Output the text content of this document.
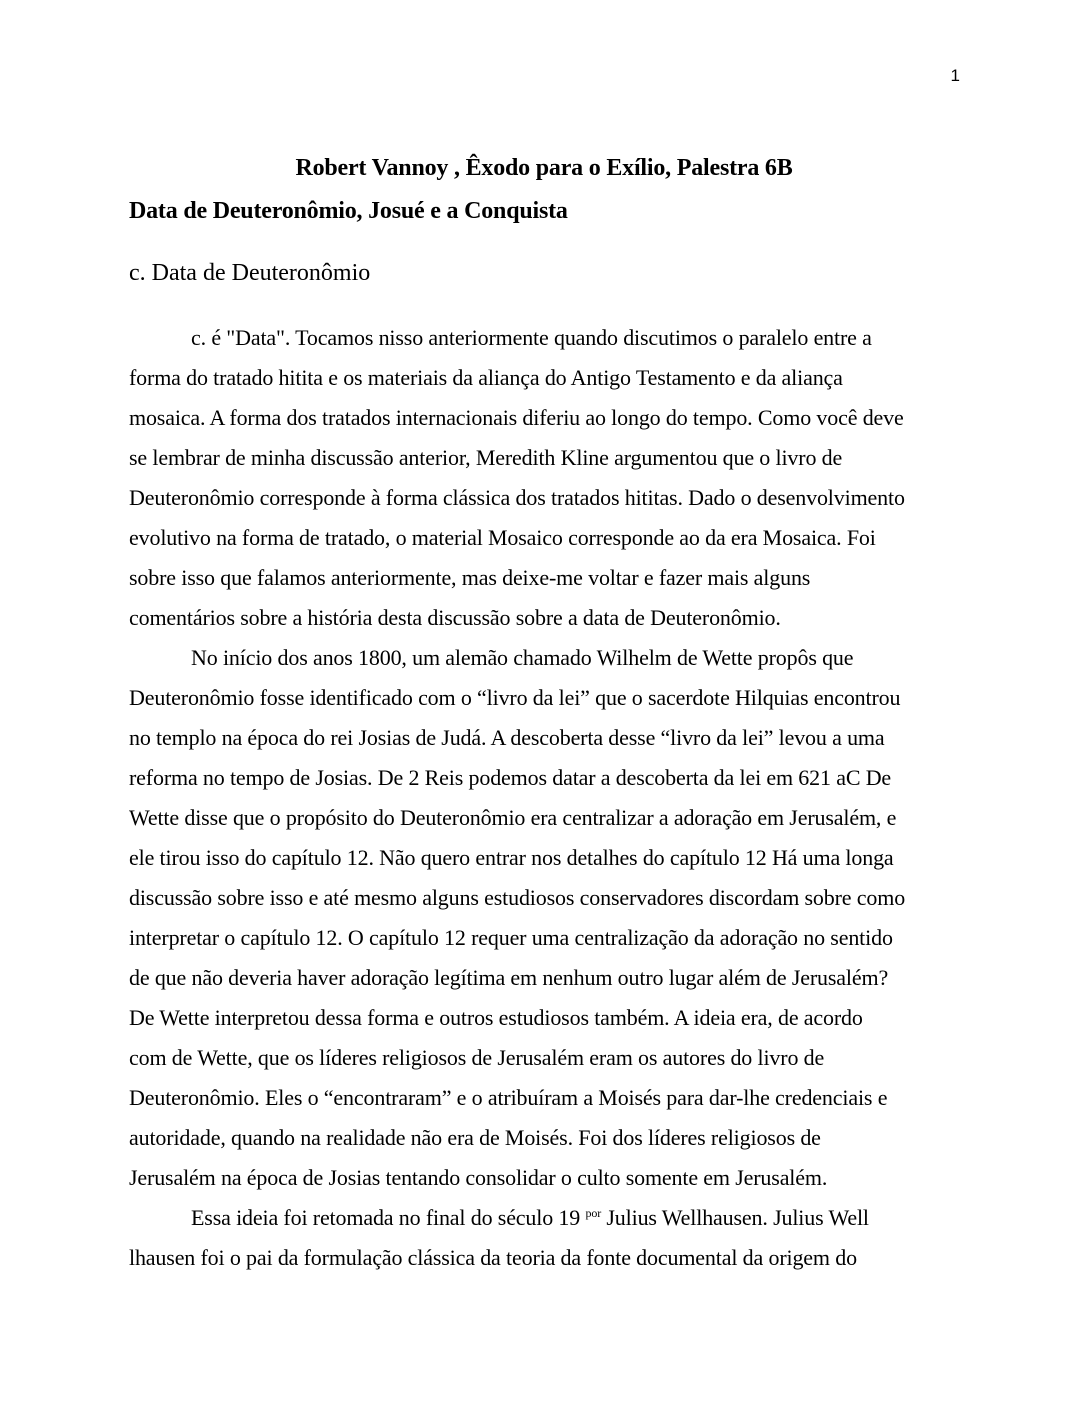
1
Robert Vannoy , Êxodo para o Exílio, Palestra 6B
Data de Deuteronômio, Josué e a Conquista
c. Data de Deuteronômio
c. é "Data". Tocamos nisso anteriormente quando discutimos o paralelo entre a
forma do tratado hitita e os materiais da aliança do Antigo Testamento e da aliança
mosaica. A forma dos tratados internacionais diferiu ao longo do tempo. Como você deve
se lembrar de minha discussão anterior, Meredith Kline argumentou que o livro de
Deuteronômio corresponde à forma clássica dos tratados hititas. Dado o desenvolvimento
evolutivo na forma de tratado, o material Mosaico corresponde ao da era Mosaica. Foi
sobre isso que falamos anteriormente, mas deixe-me voltar e fazer mais alguns
comentários sobre a história desta discussão sobre a data de Deuteronômio.
No início dos anos 1800, um alemão chamado Wilhelm de Wette propôs que
Deuteronômio fosse identificado com o “livro da lei” que o sacerdote Hilquias encontrou
no templo na época do rei Josias de Judá. A descoberta desse “livro da lei” levou a uma
reforma no tempo de Josias. De 2 Reis podemos datar a descoberta da lei em 621 aC De
Wette disse que o propósito do Deuteronômio era centralizar a adoração em Jerusalém, e
ele tirou isso do capítulo 12. Não quero entrar nos detalhes do capítulo 12 Há uma longa
discussão sobre isso e até mesmo alguns estudiosos conservadores discordam sobre como
interpretar o capítulo 12. O capítulo 12 requer uma centralização da adoração no sentido
de que não deveria haver adoração legítima em nenhum outro lugar além de Jerusalém?
De Wette interpretou dessa forma e outros estudiosos também. A ideia era, de acordo
com de Wette, que os líderes religiosos de Jerusalém eram os autores do livro de
Deuteronômio. Eles o “encontraram” e o atribuíram a Moisés para dar-lhe credenciais e
autoridade, quando na realidade não era de Moisés. Foi dos líderes religiosos de
Jerusalém na época de Josias tentando consolidar o culto somente em Jerusalém.
Essa ideia foi retomada no final do século 19 $^{por}$ Julius Wellhausen. Julius Well
lhausen foi o pai da formulação clássica da teoria da fonte documental da origem do
